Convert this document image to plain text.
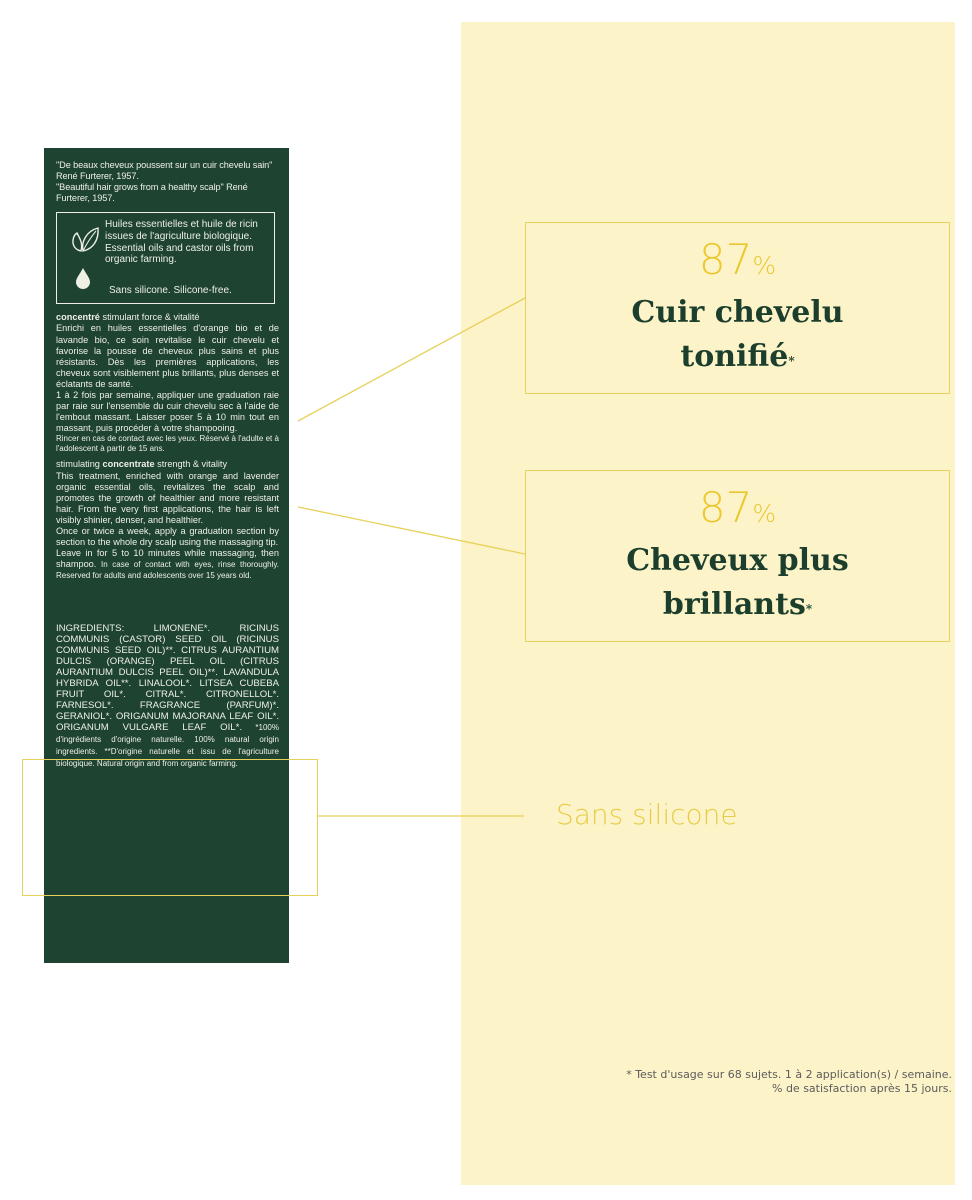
"De beaux cheveux poussent sur un cuir chevelu sain" René Furterer, 1957.

"Beautiful hair grows from a healthy scalp" René Furterer, 1957.

Huiles essentielles et huile de ricin issues de l'agriculture biologique. Essential oils and castor oils from organic farming.

Sans silicone. Silicone-free.

concentré stimulant force & vitalité

Enrichi en huiles essentielles d'orange bio et de lavande bio, ce soin revitalise le cuir chevelu et favorise la pousse de cheveux plus sains et plus résistants. Dès les premières applications, les cheveux sont visiblement plus brillants, plus denses et éclatants de santé.

1 à 2 fois par semaine, appliquer une graduation raie par raie sur l'ensemble du cuir chevelu sec à l'aide de l'embout massant. Laisser poser 5 à 10 min tout en massant, puis procéder à votre shampooing.

Rincer en cas de contact avec les yeux. Réservé à l'adulte et à l'adolescent à partir de 15 ans.

stimulating concentrate strength & vitality

This treatment, enriched with orange and lavender organic essential oils, revitalizes the scalp and promotes the growth of healthier and more resistant hair. From the very first applications, the hair is left visibly shinier, denser, and healthier.

Once or twice a week, apply a graduation section by section to the whole dry scalp using the massaging tip.

Leave in for 5 to 10 minutes while massaging, then shampoo. In case of contact with eyes, rinse thoroughly. Reserved for adults and adolescents over 15 years old.

INGREDIENTS: LIMONENE*. RICINUS COMMUNIS (CASTOR) SEED OIL (RICINUS COMMUNIS SEED OIL)**. CITRUS AURANTIUM DULCIS (ORANGE) PEEL OIL (CITRUS AURANTIUM DULCIS PEEL OIL)**. LAVANDULA HYBRIDA OIL**. LINALOOL*. LITSEA CUBEBA FRUIT OIL*. CITRAL*. CITRONELLOL*. FARNESOL*. FRAGRANCE (PARFUM)*. GERANIOL*. ORIGANUM MAJORANA LEAF OIL*. ORIGANUM VULGARE LEAF OIL*. *100% d'ingrédients d'origine naturelle. 100% natural origin ingredients. **D'origine naturelle et issu de l'agriculture biologique. Natural origin and from organic farming.

87%
Cuir chevelu
tonifié*
87%
Cheveux plus
brillants*
Sans silicone
* Test d'usage sur 68 sujets. 1 à 2 application(s) / semaine.
% de satisfaction après 15 jours.
